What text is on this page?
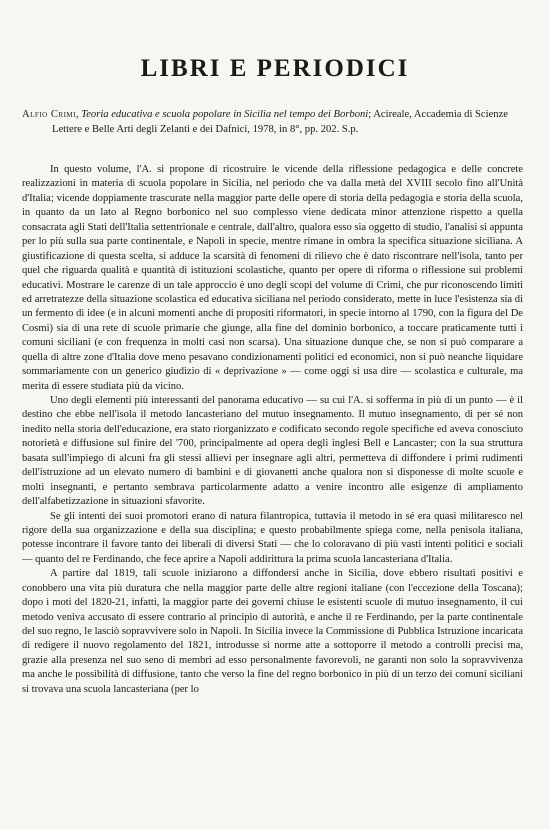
LIBRI E PERIODICI
Alfio Crimi, Teoria educativa e scuola popolare in Sicilia nel tempo dei Borboni; Acireale, Accademia di Scienze Lettere e Belle Arti degli Zelanti e dei Dafnici, 1978, in 8°, pp. 202. S.p.

In questo volume, l'A. si propone di ricostruire le vicende della riflessione pedagogica e delle concrete realizzazioni in materia di scuola popolare in Sicilia, nel periodo che va dalla metà del XVIII secolo fino all'Unità d'Italia; vicende doppiamente trascurate nella maggior parte delle opere di storia della pedagogia e storia della scuola, in quanto da un lato al Regno borbonico nel suo complesso viene dedicata minor attenzione rispetto a quella consacrata agli Stati dell'Italia settentrionale e centrale, dall'altro, qualora esso sia oggetto di studio, l'analisi si appunta per lo più sulla sua parte continentale, e Napoli in specie, mentre rimane in ombra la specifica situazione siciliana. A giustificazione di questa scelta, si adduce la scarsità di fenomeni di rilievo che è dato riscontrare nell'isola, tanto per quel che riguarda qualità e quantità di istituzioni scolastiche, quanto per opere di riforma o riflessione sui problemi educativi. Mostrare le carenze di un tale approccio è uno degli scopi del volume di Crimi, che pur riconoscendo limiti ed arretratezze della situazione scolastica ed educativa siciliana nel periodo considerato, mette in luce l'esistenza sia di un fermento di idee (e in alcuni momenti anche di propositi riformatori, in specie intorno al 1790, con la figura del De Cosmi) sia di una rete di scuole primarie che giunge, alla fine del dominio borbonico, a toccare praticamente tutti i comuni siciliani (e con frequenza in molti casi non scarsa). Una situazione dunque che, se non si può comparare a quella di altre zone d'Italia dove meno pesavano condizionamenti politici ed economici, non si può neanche liquidare sommariamente con un generico giudizio di « deprivazione » — come oggi si usa dire — scolastica e culturale, ma merita di essere studiata più da vicino.

Uno degli elementi più interessanti del panorama educativo — su cui l'A. si sofferma in più di un punto — è il destino che ebbe nell'isola il metodo lancasteriano del mutuo insegnamento. Il mutuo insegnamento, di per sé non inedito nella storia dell'educazione, era stato riorganizzato e codificato secondo regole specifiche ed aveva conosciuto notorietà e diffusione sul finire del '700, principalmente ad opera degli inglesi Bell e Lancaster; con la sua struttura basata sull'impiego di alcuni fra gli stessi allievi per insegnare agli altri, permetteva di diffondere i primi rudimenti dell'istruzione ad un elevato numero di bambini e di giovanetti anche qualora non si disponesse di molte scuole e molti insegnanti, e pertanto sembrava particolarmente adatto a venire incontro alle esigenze di ampliamento dell'alfabetizzazione in situazioni sfavorite.

Se gli intenti dei suoi promotori erano di natura filantropica, tuttavia il metodo in sé era quasi militaresco nel rigore della sua organizzazione e della sua disciplina; e questo probabilmente spiega come, nella penisola italiana, potesse incontrare il favore tanto dei liberali di diversi Stati — che lo coloravano di più vasti intenti politici e sociali — quanto del re Ferdinando, che fece aprire a Napoli addirittura la prima scuola lancasteriana d'Italia.

A partire dal 1819, tali scuole iniziarono a diffondersi anche in Sicilia, dove ebbero risultati positivi e conobbero una vita più duratura che nella maggior parte delle altre regioni italiane (con l'eccezione della Toscana); dopo i moti del 1820-21, infatti, la maggior parte dei governi chiuse le esistenti scuole di mutuo insegnamento, il cui metodo veniva accusato di essere contrario al principio di autorità, e anche il re Ferdinando, per la parte continentale del suo regno, le lasciò sopravvivere solo in Napoli. In Sicilia invece la Commissione di Pubblica Istruzione incaricata di redigere il nuovo regolamento del 1821, introdusse sì norme atte a sottoporre il metodo a controlli precisi ma, grazie alla presenza nel suo seno di membri ad esso personalmente favorevoli, ne garantì non solo la sopravvivenza ma anche le possibilità di diffusione, tanto che verso la fine del regno borbonico in più di un terzo dei comuni siciliani si trovava una scuola lancasteriana (per lo
